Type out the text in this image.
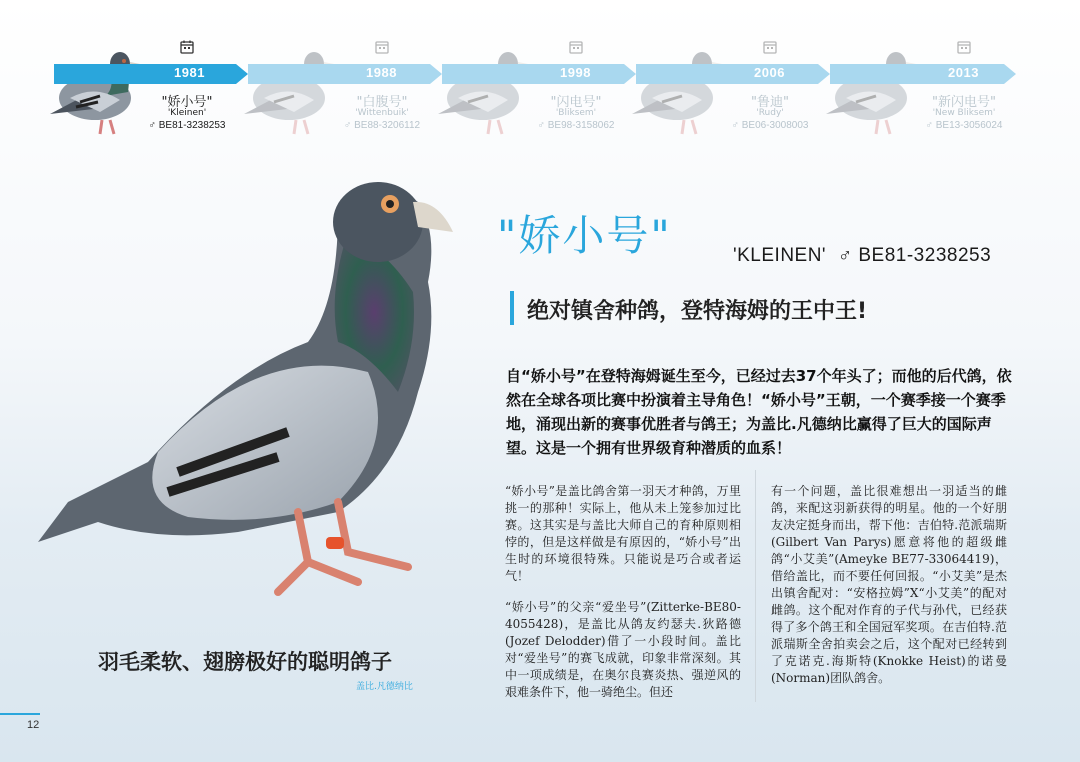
1981
"娇小号"
'Kleinen'
♂ BE81-3238253
1988
"白腹号"
'Wittenbuik'
♂ BE88-3206112
1998
"闪电号"
'Bliksem'
♂ BE98-3158062
2006
"鲁迪"
'Rudy'
♂ BE06-3008003
2013
"新闪电号"
'New Bliksem'
♂ BE13-3056024
"娇小号"	'KLEINEN' ♂ BE81-3238253
绝对镇舍种鸽，登特海姆的王中王!
自“娇小号”在登特海姆诞生至今，已经过去37个年头了；而他的后代鸽，依然在全球各项比赛中扮演着主导角色！“娇小号”王朝，一个赛季接一个赛季地，涌现出新的赛事优胜者与鸽王；为盖比.凡德纳比赢得了巨大的国际声望。这是一个拥有世界级育种潜质的血系！

“娇小号”是盖比鸽舍第一羽天才种鸽，万里挑一的那种！实际上，他从未上笼参加过比赛。这其实是与盖比大师自己的育种原则相悖的，但是这样做是有原因的，“娇小号”出生时的环境很特殊。只能说是巧合或者运气！

“娇小号”的父亲“爱坐号”(Zitterke-BE80-4055428)，是盖比从鸽友约瑟夫.狄路德(Jozef Delodder)借了一小段时间。盖比对“爱坐号”的赛飞成就，印象非常深刻。其中一项成绩是，在奥尔良赛炎热、强逆风的艰难条件下，他一骑绝尘。但还

有一个问题，盖比很难想出一羽适当的雌鸽，来配这羽新获得的明星。他的一个好朋友决定挺身而出，帮下他：吉伯特.范派瑞斯(Gilbert Van Parys)愿意将他的超级雌鸽“小艾美”(Ameyke BE77-33064419)，借给盖比，而不要任何回报。“小艾美”是杰出镇舍配对：“安格拉姆”X“小艾美”的配对雌鸽。这个配对作育的子代与孙代，已经获得了多个鸽王和全国冠军奖项。在吉伯特.范派瑞斯全舍拍卖会之后，这个配对已经转到了克诺克.海斯特(Knokke Heist)的诺曼(Norman)团队鸽舍。

羽毛柔软、翅膀极好的聪明鸽子
盖比.凡德纳比
12
